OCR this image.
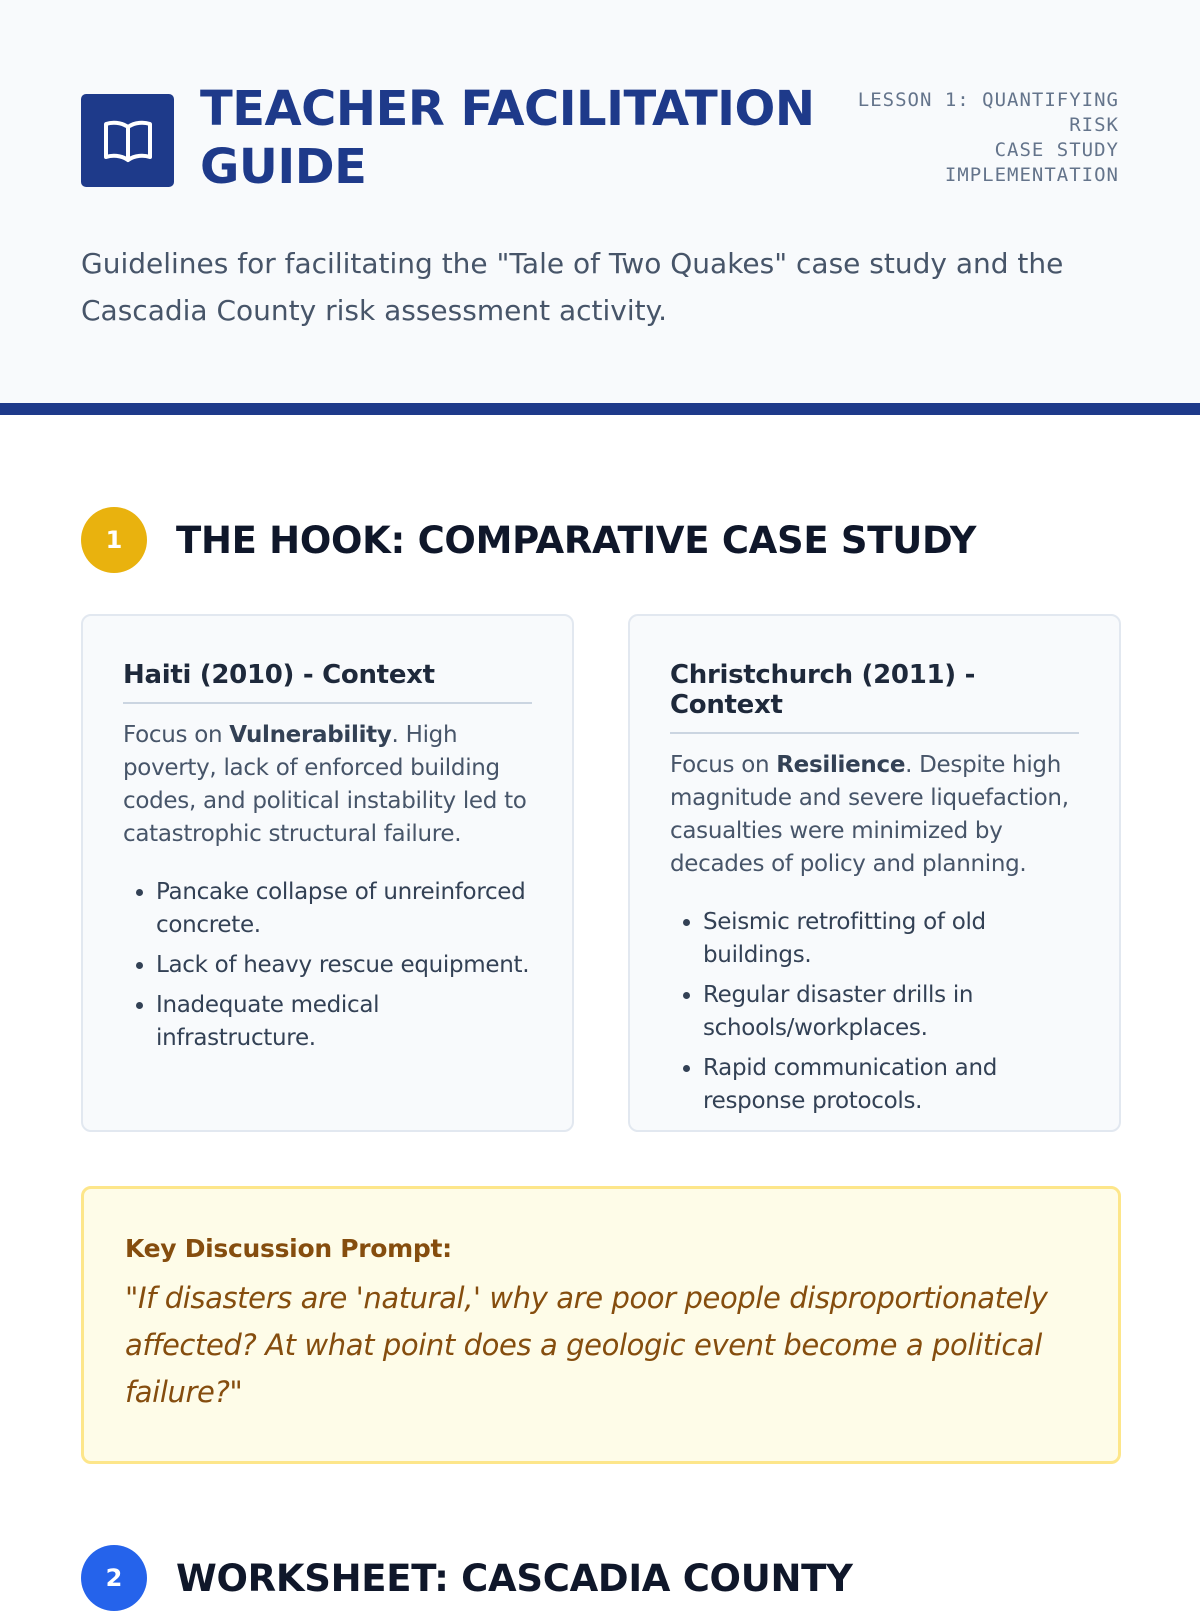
TEACHER FACILITATION GUIDE
LESSON 1: QUANTIFYING
RISK
CASE STUDY
IMPLEMENTATION

Guidelines for facilitating the "Tale of Two Quakes" case study and the Cascadia County risk assessment activity.

1	THE HOOK: COMPARATIVE CASE STUDY
Haiti (2010) - Context

Focus on Vulnerability. High poverty, lack of enforced building codes, and political instability led to catastrophic structural failure.

• Pancake collapse of unreinforced concrete.
• Lack of heavy rescue equipment.
• Inadequate medical infrastructure.
Christchurch (2011) - Context

Focus on Resilience. Despite high magnitude and severe liquefaction, casualties were minimized by decades of policy and planning.

• Seismic retrofitting of old buildings.
• Regular disaster drills in schools/workplaces.
• Rapid communication and response protocols.
Key Discussion Prompt:
"If disasters are 'natural,' why are poor people disproportionately affected? At what point does a geologic event become a political failure?"
2	WORKSHEET: CASCADIA COUNTY
